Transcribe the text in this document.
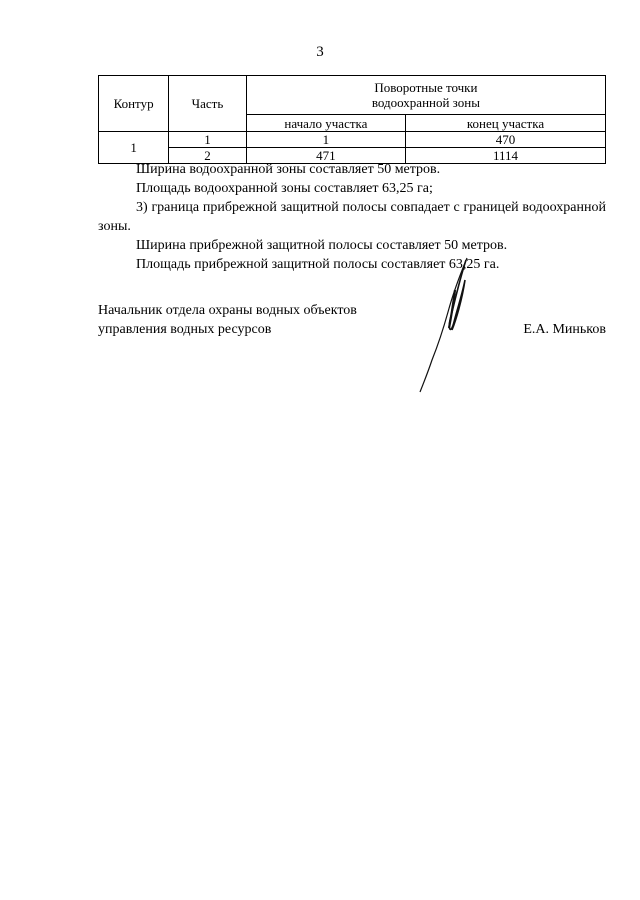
3
Контур	Часть	Поворотные точки
водоохранной зоны	
		начало участка	конец участка
1	1	1	470
	2	471	1114

Ширина водоохранной зоны составляет 50 метров.

Площадь водоохранной зоны составляет 63,25 га;

3) граница прибрежной защитной полосы совпадает с границей водоохранной зоны.

Ширина прибрежной защитной полосы составляет 50 метров.

Площадь прибрежной защитной полосы составляет 63,25 га.

Начальник отдела охраны водных объектов
управления водных ресурсов	Е.А. Миньков
